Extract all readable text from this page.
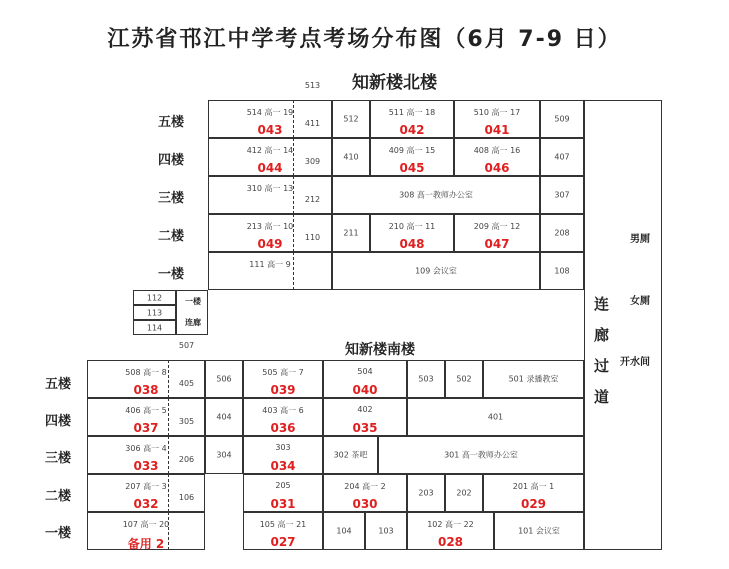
江苏省邗江中学考点考场分布图（6月 7-9 日）
知新楼北楼
五楼
四楼
三楼
二楼
一楼
514 高一 19
043
513
512
511 高一 18
042
510 高一 17
041
509
412 高一 14
044
411
410
409 高一 15
045
408 高一 16
046
407
310 高一 13
309
308 高一教师办公室	307
213 高一 10
049
212
211
210 高一 11
048
209 高一 12
047
208
111 高一 9
110
109 会议室	108
112
113
114
一楼
连廊
男厕
女厕
开水间
连
廊
过
道
知新楼南楼
五楼
四楼
三楼
二楼
一楼
508 高一 8
038
507
506
505 高一 7
039
504
040
503	502	501 录播教室
406 高一 5
037
405
404
403 高一 6
036
402
035
401
306 高一 4
033
305
304
303
034
302 茶吧	301 高一教师办公室
207 高一 3
032
206
205
031
204 高一 2
030
203	202
201 高一 1
029
107 高一 20
备用 2
106
105 高一 21
027
104	103
102 高一 22
028
101 会议室
